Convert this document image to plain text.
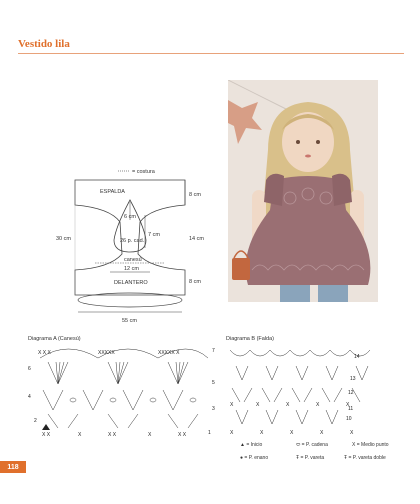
Vestido lila
= costura
ESPALDA
6 cm
7 cm
26 p. cad.
canesú
12 cm
DELANTERO
8 cm
14 cm
8 cm
30 cm
55 cm
Diagrama A (Canesú)
X X X	XXXXX	XXXXX X
X X	X	X X	X	X X
7
6
5
4
3
2
1
Diagrama B (Falda)
X	X	X	X	X
X	X	X	X	X
14
13
12
11
10
▲ = Inicio	⬭ = P. cadena	X = Medio punto
● = P. enano	Ŧ = P. vareta	Ŧ = P. vareta doble
118
